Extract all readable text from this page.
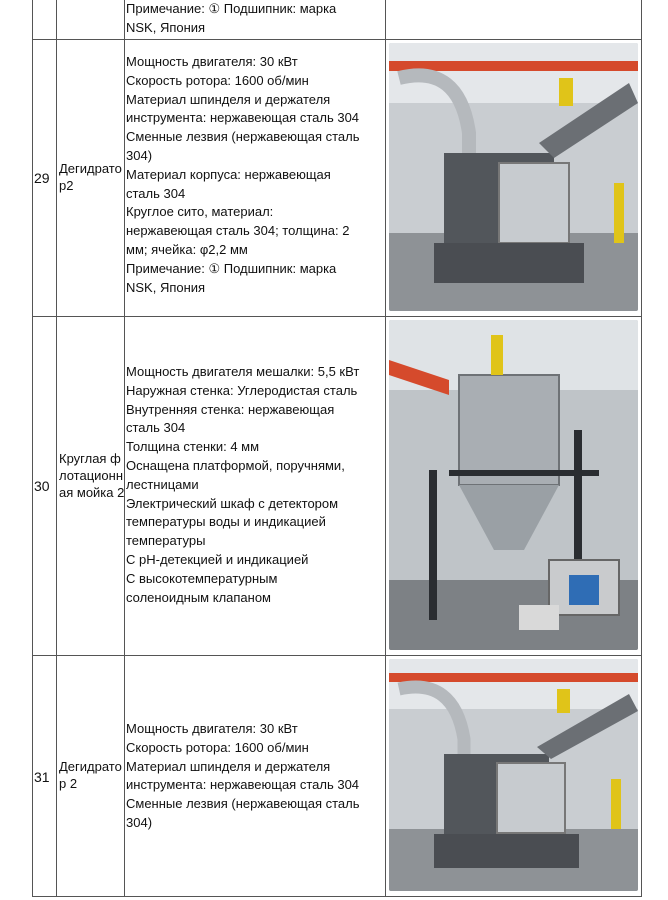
Примечание: ① Подшипник: марка
NSK, Япония
29
Дегидратор2
Мощность двигателя: 30 кВт
Скорость ротора: 1600 об/мин
Материал шпинделя и держателя
инструмента: нержавеющая сталь 304
Сменные лезвия (нержавеющая сталь
304)
Материал корпуса: нержавеющая
сталь 304
Круглое сито, материал:
нержавеющая сталь 304; толщина: 2
мм; ячейка: φ2,2 мм
Примечание: ① Подшипник: марка
NSK, Япония
30
Круглая флотационная мойка 2
Мощность двигателя мешалки: 5,5 кВт
Наружная стенка: Углеродистая сталь
Внутренняя стенка: нержавеющая
сталь 304
Толщина стенки: 4 мм
Оснащена платформой, поручнями,
лестницами
Электрический шкаф с детектором
температуры воды и индикацией
температуры
С pH-детекцией и индикацией
С высокотемпературным
соленоидным клапаном
31
Дегидратор 2
Мощность двигателя: 30 кВт
Скорость ротора: 1600 об/мин
Материал шпинделя и держателя
инструмента: нержавеющая сталь 304
Сменные лезвия (нержавеющая сталь
304)
